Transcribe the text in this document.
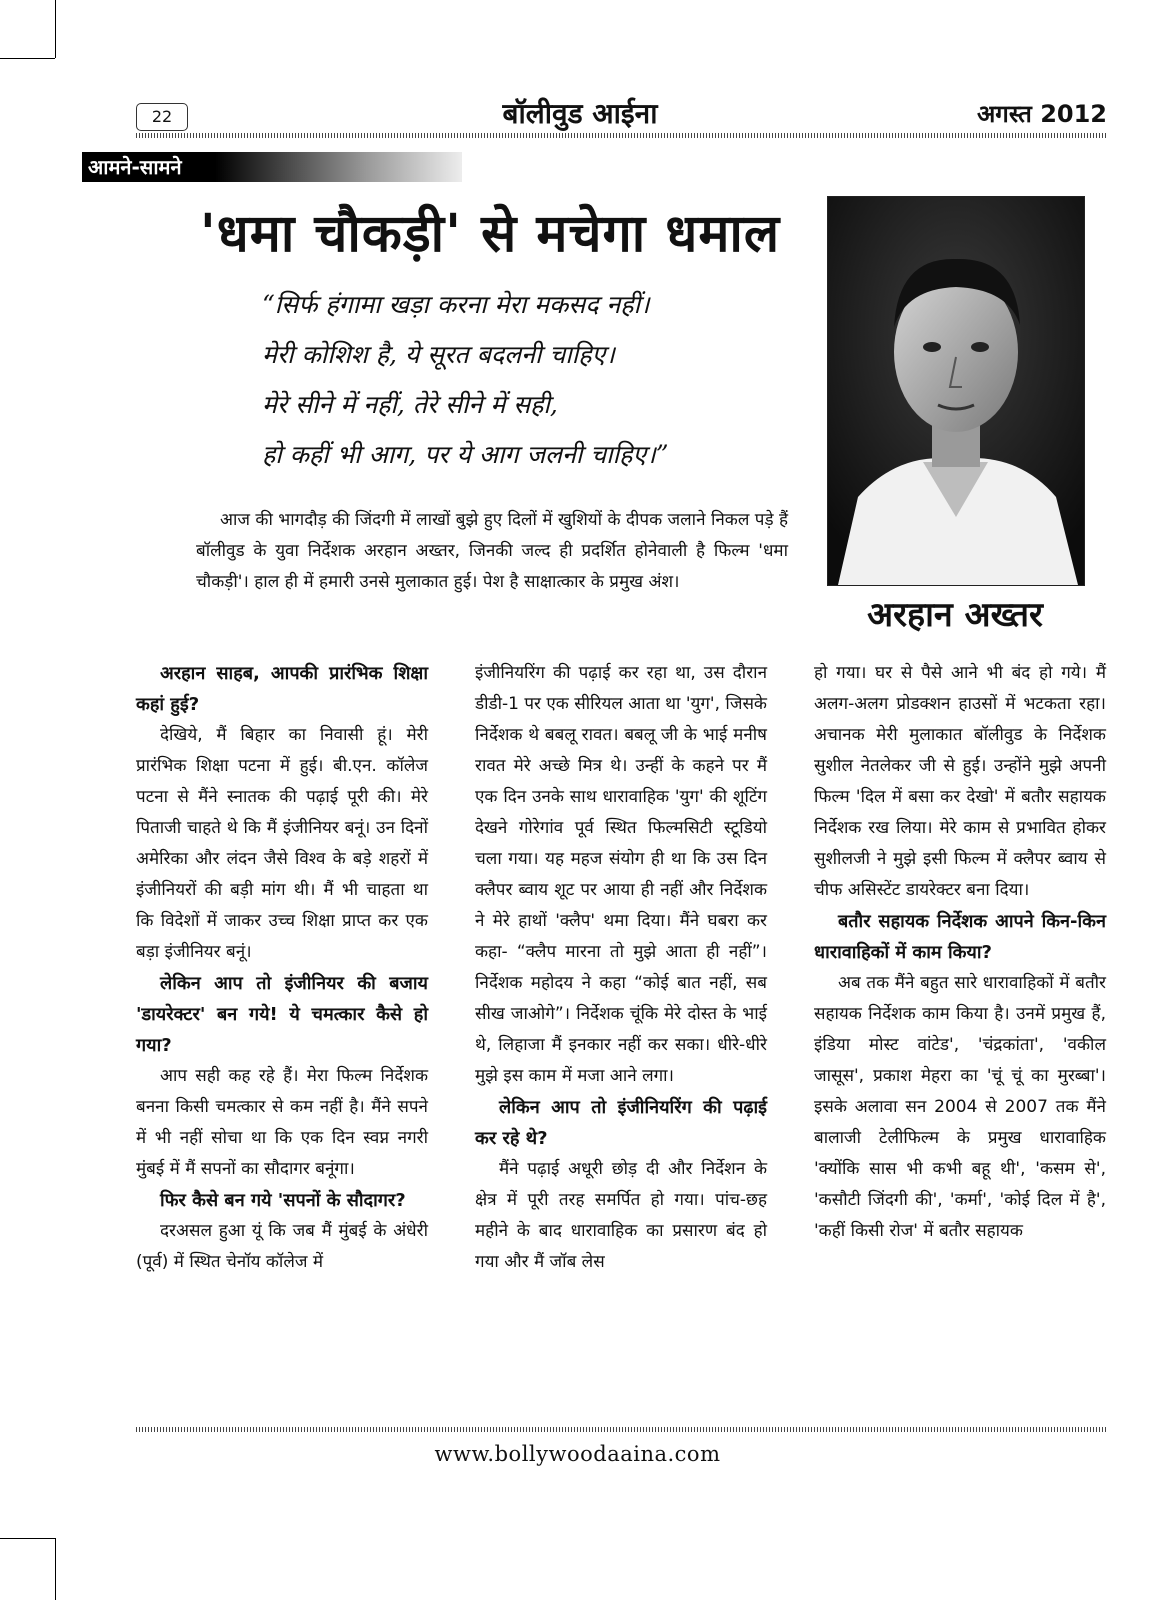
22	बॉलीवुड आईना	अगस्त 2012
आमने-सामने
'धमा चौकड़ी' से मचेगा धमाल
“सिर्फ हंगामा खड़ा करना मेरा मकसद नहीं।
मेरी कोशिश है, ये सूरत बदलनी चाहिए।
मेरे सीने में नहीं, तेरे सीने में सही,
हो कहीं भी आग, पर ये आग जलनी चाहिए।”
आज की भागदौड़ की जिंदगी में लाखों बुझे हुए दिलों में खुशियों के दीपक जलाने निकल पड़े हैं बॉलीवुड के युवा निर्देशक अरहान अख्तर, जिनकी जल्द ही प्रदर्शित होनेवाली है फिल्म 'धमा चौकड़ी'। हाल ही में हमारी उनसे मुलाकात हुई। पेश है साक्षात्कार के प्रमुख अंश।
अरहान अख्तर

अरहान साहब, आपकी प्रारंभिक शिक्षा कहां हुई?

देखिये, मैं बिहार का निवासी हूं। मेरी प्रारंभिक शिक्षा पटना में हुई। बी.एन. कॉलेज पटना से मैंने स्नातक की पढ़ाई पूरी की। मेरे पिताजी चाहते थे कि मैं इंजीनियर बनूं। उन दिनों अमेरिका और लंदन जैसे विश्व के बड़े शहरों में इंजीनियरों की बड़ी मांग थी। मैं भी चाहता था कि विदेशों में जाकर उच्च शिक्षा प्राप्त कर एक बड़ा इंजीनियर बनूं।

लेकिन आप तो इंजीनियर की बजाय 'डायरेक्टर' बन गये! ये चमत्कार कैसे हो गया?

आप सही कह रहे हैं। मेरा फिल्म निर्देशक बनना किसी चमत्कार से कम नहीं है। मैंने सपने में भी नहीं सोचा था कि एक दिन स्वप्न नगरी मुंबई में मैं सपनों का सौदागर बनूंगा।

फिर कैसे बन गये 'सपनों के सौदागर?

दरअसल हुआ यूं कि जब मैं मुंबई के अंधेरी (पूर्व) में स्थित चेनॉय कॉलेज में

इंजीनियरिंग की पढ़ाई कर रहा था, उस दौरान डीडी-1 पर एक सीरियल आता था 'युग', जिसके निर्देशक थे बबलू रावत। बबलू जी के भाई मनीष रावत मेरे अच्छे मित्र थे। उन्हीं के कहने पर मैं एक दिन उनके साथ धारावाहिक 'युग' की शूटिंग देखने गोरेगांव पूर्व स्थित फिल्मसिटी स्टूडियो चला गया। यह महज संयोग ही था कि उस दिन क्लैपर ब्वाय शूट पर आया ही नहीं और निर्देशक ने मेरे हाथों 'क्लैप' थमा दिया। मैंने घबरा कर कहा- “क्लैप मारना तो मुझे आता ही नहीं”। निर्देशक महोदय ने कहा “कोई बात नहीं, सब सीख जाओगे”। निर्देशक चूंकि मेरे दोस्त के भाई थे, लिहाजा मैं इनकार नहीं कर सका। धीरे-धीरे मुझे इस काम में मजा आने लगा।

लेकिन आप तो इंजीनियरिंग की पढ़ाई कर रहे थे?

मैंने पढ़ाई अधूरी छोड़ दी और निर्देशन के क्षेत्र में पूरी तरह समर्पित हो गया। पांच-छह महीने के बाद धारावाहिक का प्रसारण बंद हो गया और मैं जॉब लेस

हो गया। घर से पैसे आने भी बंद हो गये। मैं अलग-अलग प्रोडक्शन हाउसों में भटकता रहा। अचानक मेरी मुलाकात बॉलीवुड के निर्देशक सुशील नेतलेकर जी से हुई। उन्होंने मुझे अपनी फिल्म 'दिल में बसा कर देखो' में बतौर सहायक निर्देशक रख लिया। मेरे काम से प्रभावित होकर सुशीलजी ने मुझे इसी फिल्म में क्लैपर ब्वाय से चीफ असिस्टेंट डायरेक्टर बना दिया।

बतौर सहायक निर्देशक आपने किन-किन धारावाहिकों में काम किया?

अब तक मैंने बहुत सारे धारावाहिकों में बतौर सहायक निर्देशक काम किया है। उनमें प्रमुख हैं, इंडिया मोस्ट वांटेड', 'चंद्रकांता', 'वकील जासूस', प्रकाश मेहरा का 'चूं चूं का मुरब्बा'। इसके अलावा सन 2004 से 2007 तक मैंने बालाजी टेलीफिल्म के प्रमुख धारावाहिक 'क्योंकि सास भी कभी बहू थी', 'कसम से', 'कसौटी जिंदगी की', 'कर्मा', 'कोई दिल में है', 'कहीं किसी रोज' में बतौर सहायक

www.bollywoodaaina.com
